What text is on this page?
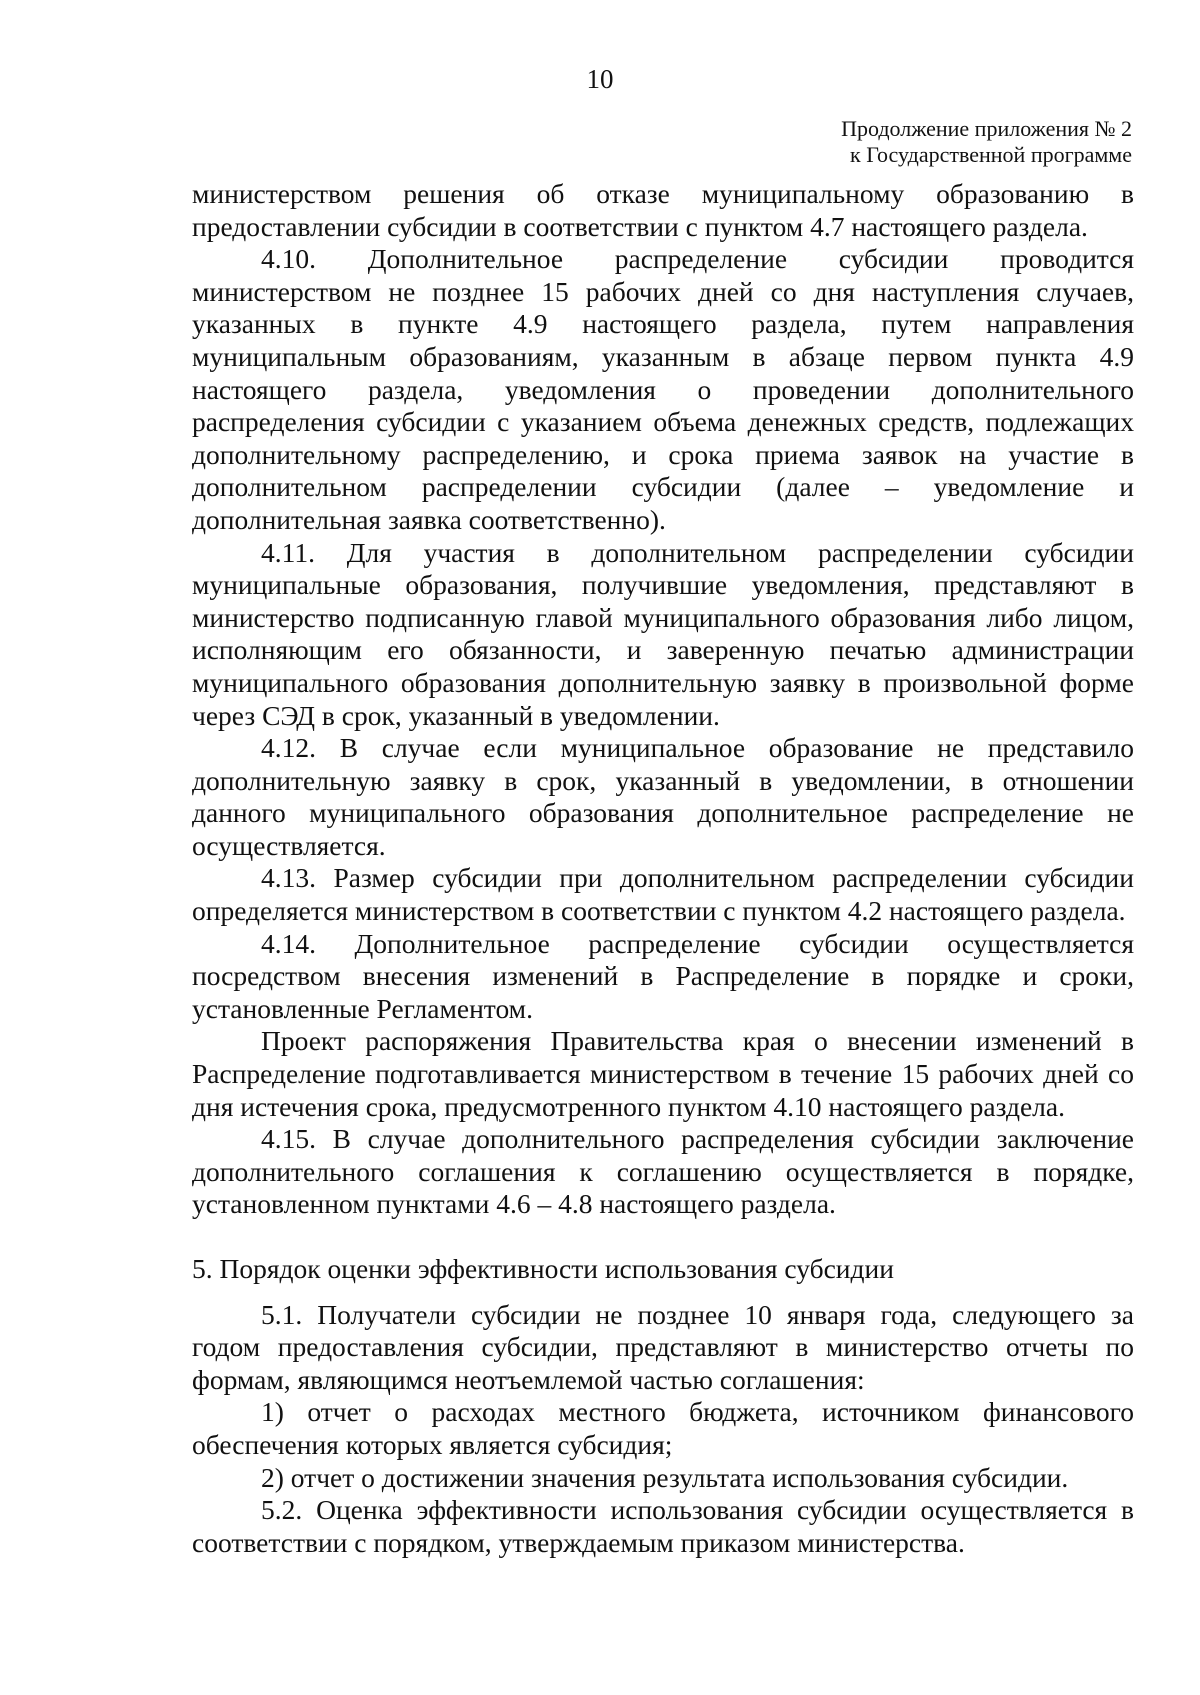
10
Продолжение приложения № 2
к Государственной программе

министерством решения об отказе муниципальному образованию в предоставлении субсидии в соответствии с пунктом 4.7 настоящего раздела.

4.10. Дополнительное распределение субсидии проводится министерством не позднее 15 рабочих дней со дня наступления случаев, указанных в пункте 4.9 настоящего раздела, путем направления муниципальным образованиям, указанным в абзаце первом пункта 4.9 настоящего раздела, уведомления о проведении дополнительного распределения субсидии с указанием объема денежных средств, подлежащих дополнительному распределению, и срока приема заявок на участие в дополнительном распределении субсидии (далее – уведомление и дополнительная заявка соответственно).

4.11. Для участия в дополнительном распределении субсидии муниципальные образования, получившие уведомления, представляют в министерство подписанную главой муниципального образования либо лицом, исполняющим его обязанности, и заверенную печатью администрации муниципального образования дополнительную заявку в произвольной форме через СЭД в срок, указанный в уведомлении.

4.12. В случае если муниципальное образование не представило дополнительную заявку в срок, указанный в уведомлении, в отношении данного муниципального образования дополнительное распределение не осуществляется.

4.13. Размер субсидии при дополнительном распределении субсидии определяется министерством в соответствии с пунктом 4.2 настоящего раздела.

4.14. Дополнительное распределение субсидии осуществляется посредством внесения изменений в Распределение в порядке и сроки, установленные Регламентом.

Проект распоряжения Правительства края о внесении изменений в Распределение подготавливается министерством в течение 15 рабочих дней со дня истечения срока, предусмотренного пунктом 4.10 настоящего раздела.

4.15. В случае дополнительного распределения субсидии заключение дополнительного соглашения к соглашению осуществляется в порядке, установленном пунктами 4.6 – 4.8 настоящего раздела.

5. Порядок оценки эффективности использования субсидии

5.1. Получатели субсидии не позднее 10 января года, следующего за годом предоставления субсидии, представляют в министерство отчеты по формам, являющимся неотъемлемой частью соглашения:

1) отчет о расходах местного бюджета, источником финансового обеспечения которых является субсидия;

2) отчет о достижении значения результата использования субсидии.

5.2. Оценка эффективности использования субсидии осуществляется в соответствии с порядком, утверждаемым приказом министерства.
